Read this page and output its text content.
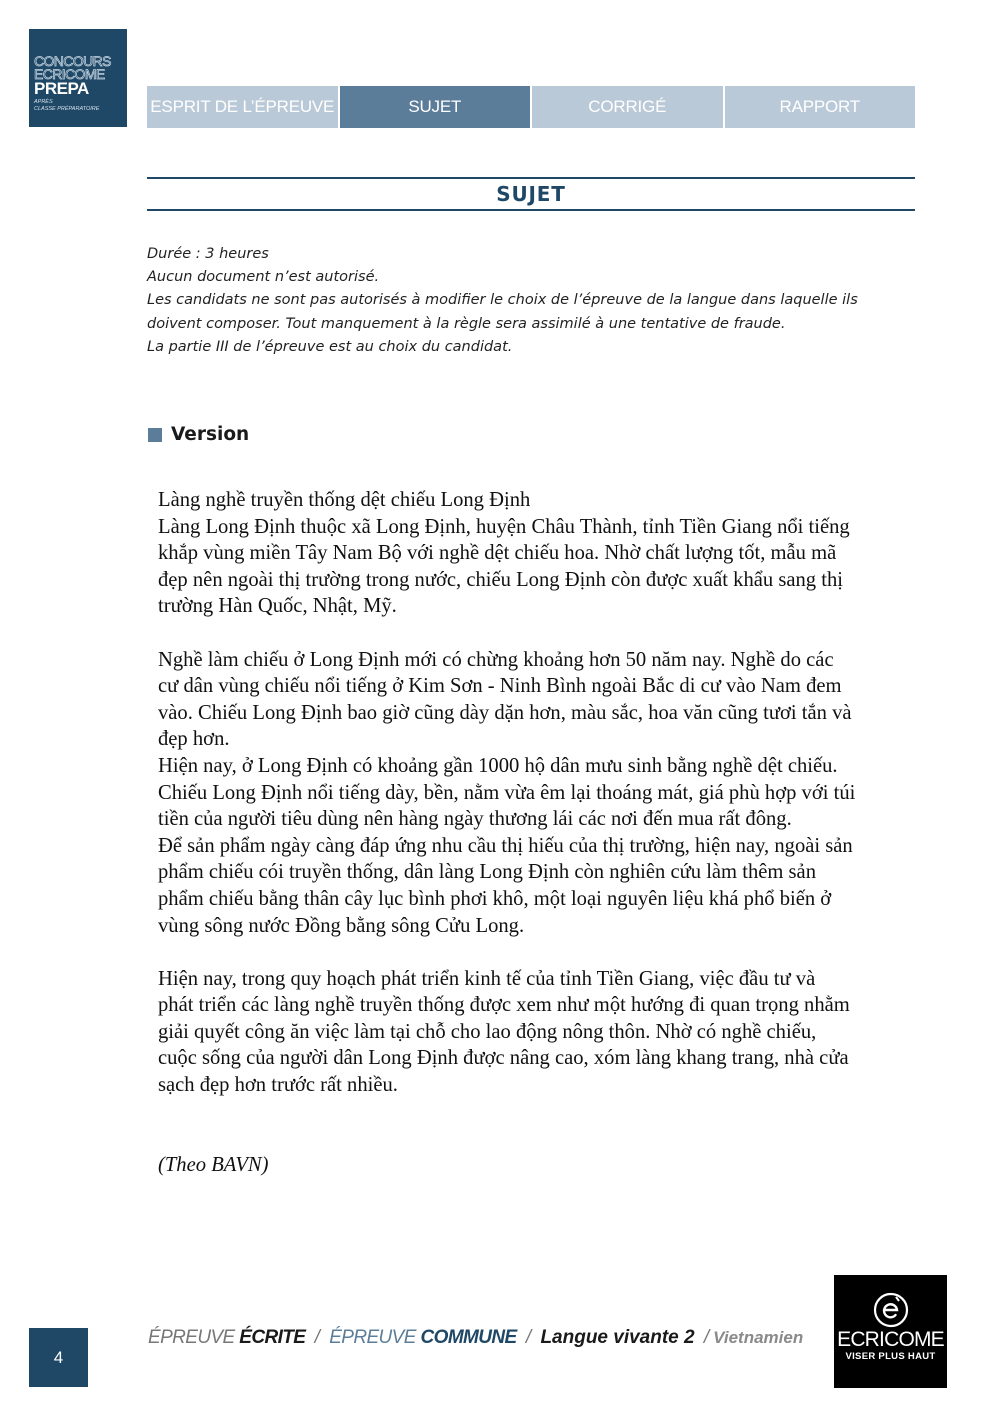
CONCOURS
ECRICOME
PREPA
APRÈS
CLASSE PRÉPARATOIRE	ESPRIT DE L’ÉPREUVE	SUJET	CORRIGÉ	RAPPORT
SUJET
Durée : 3 heures
Aucun document n’est autorisé.
Les candidats ne sont pas autorisés à modifier le choix de l’épreuve de la langue dans laquelle ils
doivent composer. Tout manquement à la règle sera assimilé à une tentative de fraude.
La partie III de l’épreuve est au choix du candidat.
Version
Làng nghề truyền thống dệt chiếu Long Định
Làng Long Định thuộc xã Long Định, huyện Châu Thành, tỉnh Tiền Giang nổi tiếng
khắp vùng miền Tây Nam Bộ với nghề dệt chiếu hoa. Nhờ chất lượng tốt, mẫu mã
đẹp nên ngoài thị trường trong nước, chiếu Long Định còn được xuất khẩu sang thị
trường Hàn Quốc, Nhật, Mỹ.
Nghề làm chiếu ở Long Định mới có chừng khoảng hơn 50 năm nay. Nghề do các
cư dân vùng chiếu nổi tiếng ở Kim Sơn - Ninh Bình ngoài Bắc di cư vào Nam đem
vào. Chiếu Long Định bao giờ cũng dày dặn hơn, màu sắc, hoa văn cũng tươi tắn và
đẹp hơn.
Hiện nay, ở Long Định có khoảng gần 1000 hộ dân mưu sinh bằng nghề dệt chiếu.
Chiếu Long Định nổi tiếng dày, bền, nằm vừa êm lại thoáng mát, giá phù hợp với túi
tiền của người tiêu dùng nên hàng ngày thương lái các nơi đến mua rất đông.
Để sản phẩm ngày càng đáp ứng nhu cầu thị hiếu của thị trường, hiện nay, ngoài sản
phẩm chiếu cói truyền thống, dân làng Long Định còn nghiên cứu làm thêm sản
phẩm chiếu bằng thân cây lục bình phơi khô, một loại nguyên liệu khá phổ biến ở
vùng sông nước Đồng bằng sông Cửu Long.
Hiện nay, trong quy hoạch phát triển kinh tế của tỉnh Tiền Giang, việc đầu tư và
phát triển các làng nghề truyền thống được xem như một hướng đi quan trọng nhằm
giải quyết công ăn việc làm tại chỗ cho lao động nông thôn. Nhờ có nghề chiếu,
cuộc sống của người dân Long Định được nâng cao, xóm làng khang trang, nhà cửa
sạch đẹp hơn trước rất nhiều.
(Theo BAVN)
4
ÉPREUVE ÉCRITE / ÉPREUVE COMMUNE / Langue vivante 2 / Vietnamien ECRICOME
VISER PLUS HAUT
